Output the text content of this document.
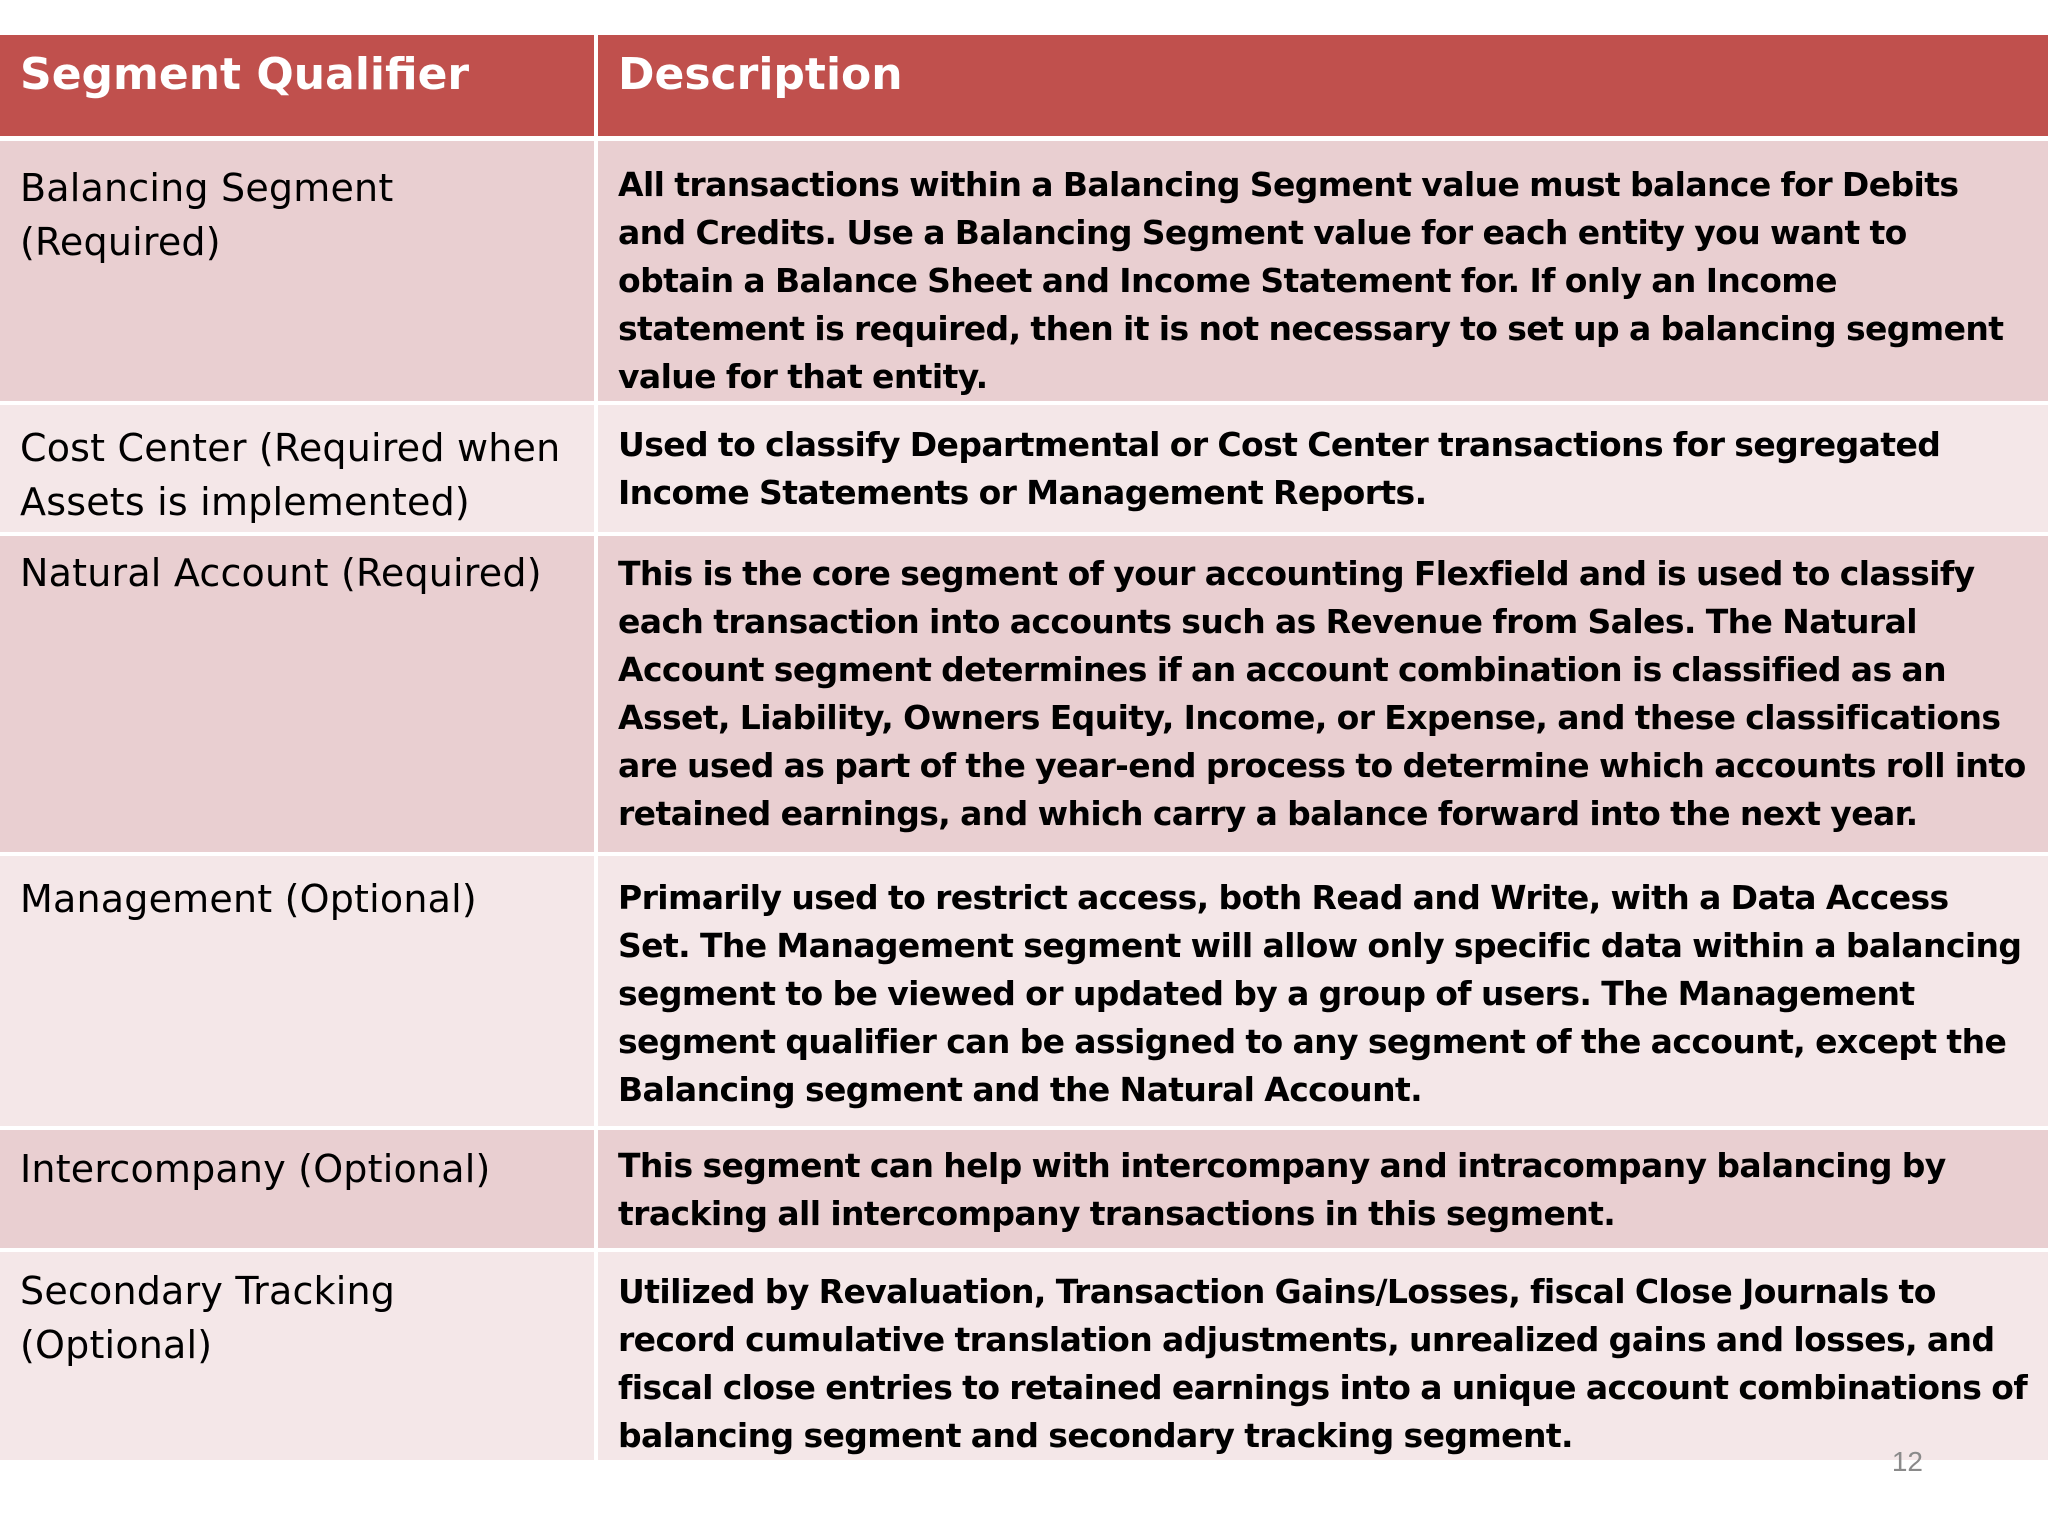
Segment Qualifier	Description
Balancing Segment (Required)	All transactions within a Balancing Segment value must balance for Debits and Credits. Use a Balancing Segment value for each entity you want to obtain a Balance Sheet and Income Statement for. If only an Income statement is required, then it is not necessary to set up a balancing segment value for that entity.
Cost Center (Required when Assets is implemented)	Used to classify Departmental or Cost Center transactions for segregated Income Statements or Management Reports.
Natural Account (Required)	This is the core segment of your accounting Flexfield and is used to classify each transaction into accounts such as Revenue from Sales. The Natural Account segment determines if an account combination is classified as an Asset, Liability, Owners Equity, Income, or Expense, and these classifications are used as part of the year-end process to determine which accounts roll into retained earnings, and which carry a balance forward into the next year.
Management (Optional)	Primarily used to restrict access, both Read and Write, with a Data Access Set. The Management segment will allow only specific data within a balancing segment to be viewed or updated by a group of users. The Management segment qualifier can be assigned to any segment of the account, except the Balancing segment and the Natural Account.
Intercompany (Optional)	This segment can help with intercompany and intracompany balancing by tracking all intercompany transactions in this segment.
Secondary Tracking (Optional)	Utilized by Revaluation, Transaction Gains/Losses, fiscal Close Journals to record cumulative translation adjustments, unrealized gains and losses, and fiscal close entries to retained earnings into a unique account combinations of balancing segment and secondary tracking segment.
12
